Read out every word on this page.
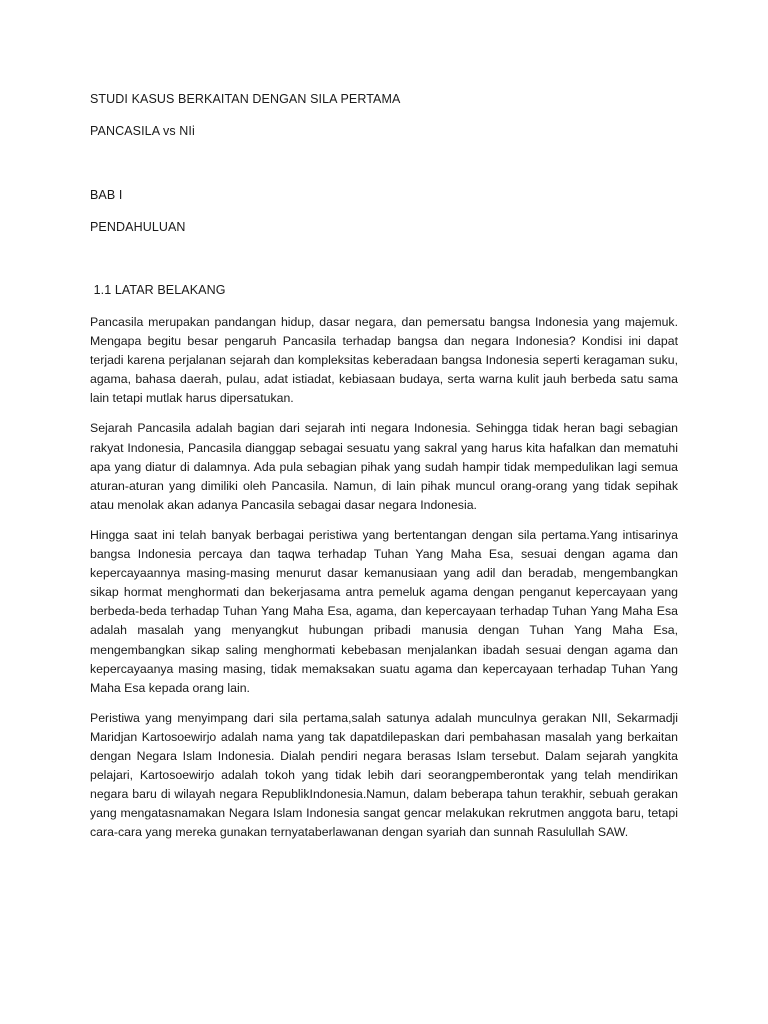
STUDI KASUS BERKAITAN DENGAN SILA PERTAMA
PANCASILA vs NIi
BAB I
PENDAHULUAN
1.1 LATAR BELAKANG

Pancasila merupakan pandangan hidup, dasar negara, dan pemersatu bangsa Indonesia yang majemuk. Mengapa begitu besar pengaruh Pancasila terhadap bangsa dan negara Indonesia? Kondisi ini dapat terjadi karena perjalanan sejarah dan kompleksitas keberadaan bangsa Indonesia seperti keragaman suku, agama, bahasa daerah, pulau, adat istiadat, kebiasaan budaya, serta warna kulit jauh berbeda satu sama lain tetapi mutlak harus dipersatukan.

Sejarah Pancasila adalah bagian dari sejarah inti negara Indonesia. Sehingga tidak heran bagi sebagian rakyat Indonesia, Pancasila dianggap sebagai sesuatu yang sakral yang harus kita hafalkan dan mematuhi apa yang diatur di dalamnya. Ada pula sebagian pihak yang sudah hampir tidak mempedulikan lagi semua aturan-aturan yang dimiliki oleh Pancasila. Namun, di lain pihak muncul orang-orang yang tidak sepihak atau menolak akan adanya Pancasila sebagai dasar negara Indonesia.

Hingga saat ini telah banyak berbagai peristiwa yang bertentangan dengan sila pertama.Yang intisarinya bangsa Indonesia percaya dan taqwa terhadap Tuhan Yang Maha Esa, sesuai dengan agama dan kepercayaannya masing-masing menurut dasar kemanusiaan yang adil dan beradab, mengembangkan sikap hormat menghormati dan bekerjasama antra pemeluk agama dengan penganut kepercayaan yang berbeda-beda terhadap Tuhan Yang Maha Esa, agama, dan kepercayaan terhadap Tuhan Yang Maha Esa adalah masalah yang menyangkut hubungan pribadi manusia dengan Tuhan Yang Maha Esa, mengembangkan sikap saling menghormati kebebasan menjalankan ibadah sesuai dengan agama dan kepercayaanya masing masing, tidak memaksakan suatu agama dan kepercayaan terhadap Tuhan Yang Maha Esa kepada orang lain.

Peristiwa yang menyimpang dari sila pertama,salah satunya adalah munculnya gerakan NII, Sekarmadji Maridjan Kartosoewirjo adalah nama yang tak dapatdilepaskan dari pembahasan masalah yang berkaitan dengan Negara Islam Indonesia. Dialah pendiri negara berasas Islam tersebut. Dalam sejarah yangkita pelajari, Kartosoewirjo adalah tokoh yang tidak lebih dari seorangpemberontak yang telah mendirikan negara baru di wilayah negara RepublikIndonesia.Namun, dalam beberapa tahun terakhir, sebuah gerakan yang mengatasnamakan Negara Islam Indonesia sangat gencar melakukan rekrutmen anggota baru, tetapi cara-cara yang mereka gunakan ternyataberlawanan dengan syariah dan sunnah Rasulullah SAW.
